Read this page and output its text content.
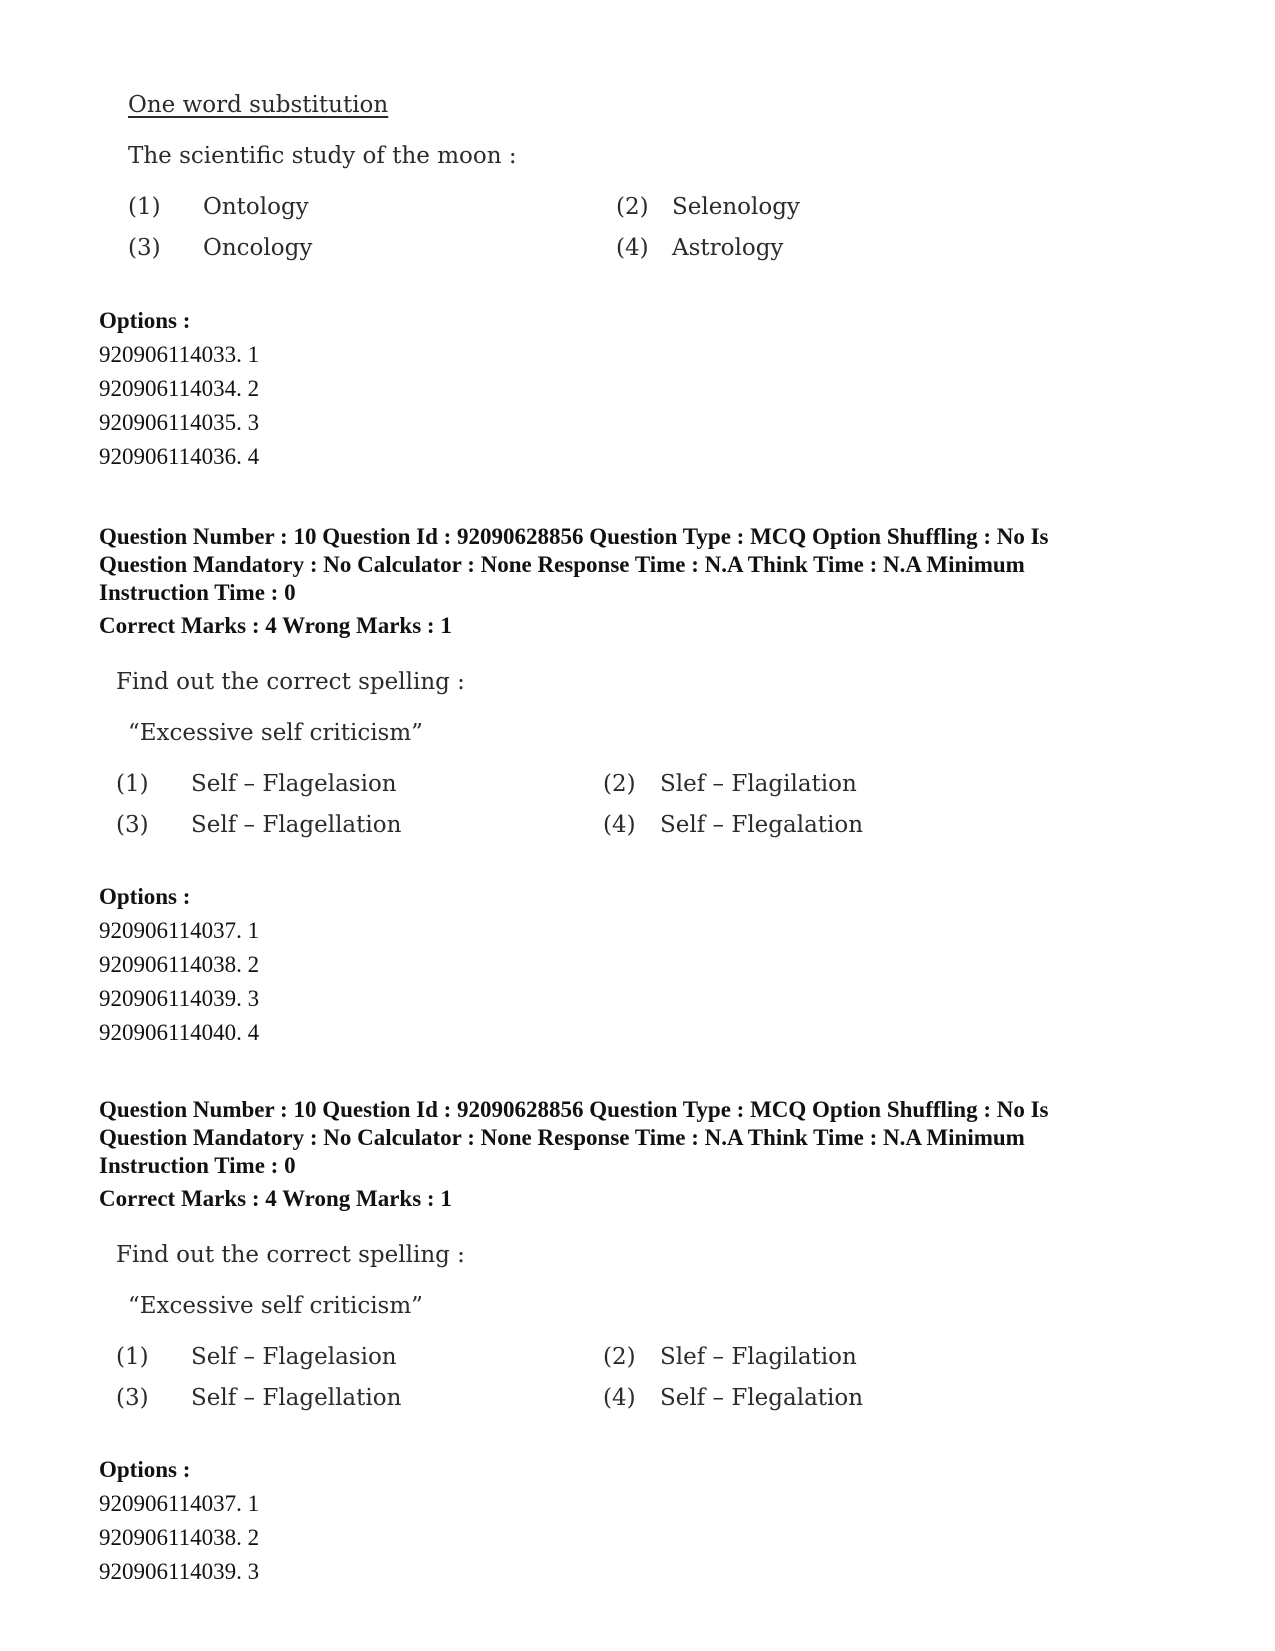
One word substitution
The scientific study of the moon :
(1) Ontology	(2) Selenology
(3) Oncology	(4) Astrology
Options :
920906114033. 1
920906114034. 2
920906114035. 3
920906114036. 4
Question Number : 10 Question Id : 92090628856 Question Type : MCQ Option Shuffling : No Is
Question Mandatory : No Calculator : None Response Time : N.A Think Time : N.A Minimum
Instruction Time : 0
Correct Marks : 4 Wrong Marks : 1
Find out the correct spelling :
“Excessive self criticism”
(1) Self – Flagelasion	(2) Slef – Flagilation
(3) Self – Flagellation	(4) Self – Flegalation
Options :
920906114037. 1
920906114038. 2
920906114039. 3
920906114040. 4
Question Number : 10 Question Id : 92090628856 Question Type : MCQ Option Shuffling : No Is
Question Mandatory : No Calculator : None Response Time : N.A Think Time : N.A Minimum
Instruction Time : 0
Correct Marks : 4 Wrong Marks : 1
Find out the correct spelling :
“Excessive self criticism”
(1) Self – Flagelasion	(2) Slef – Flagilation
(3) Self – Flagellation	(4) Self – Flegalation
Options :
920906114037. 1
920906114038. 2
920906114039. 3
